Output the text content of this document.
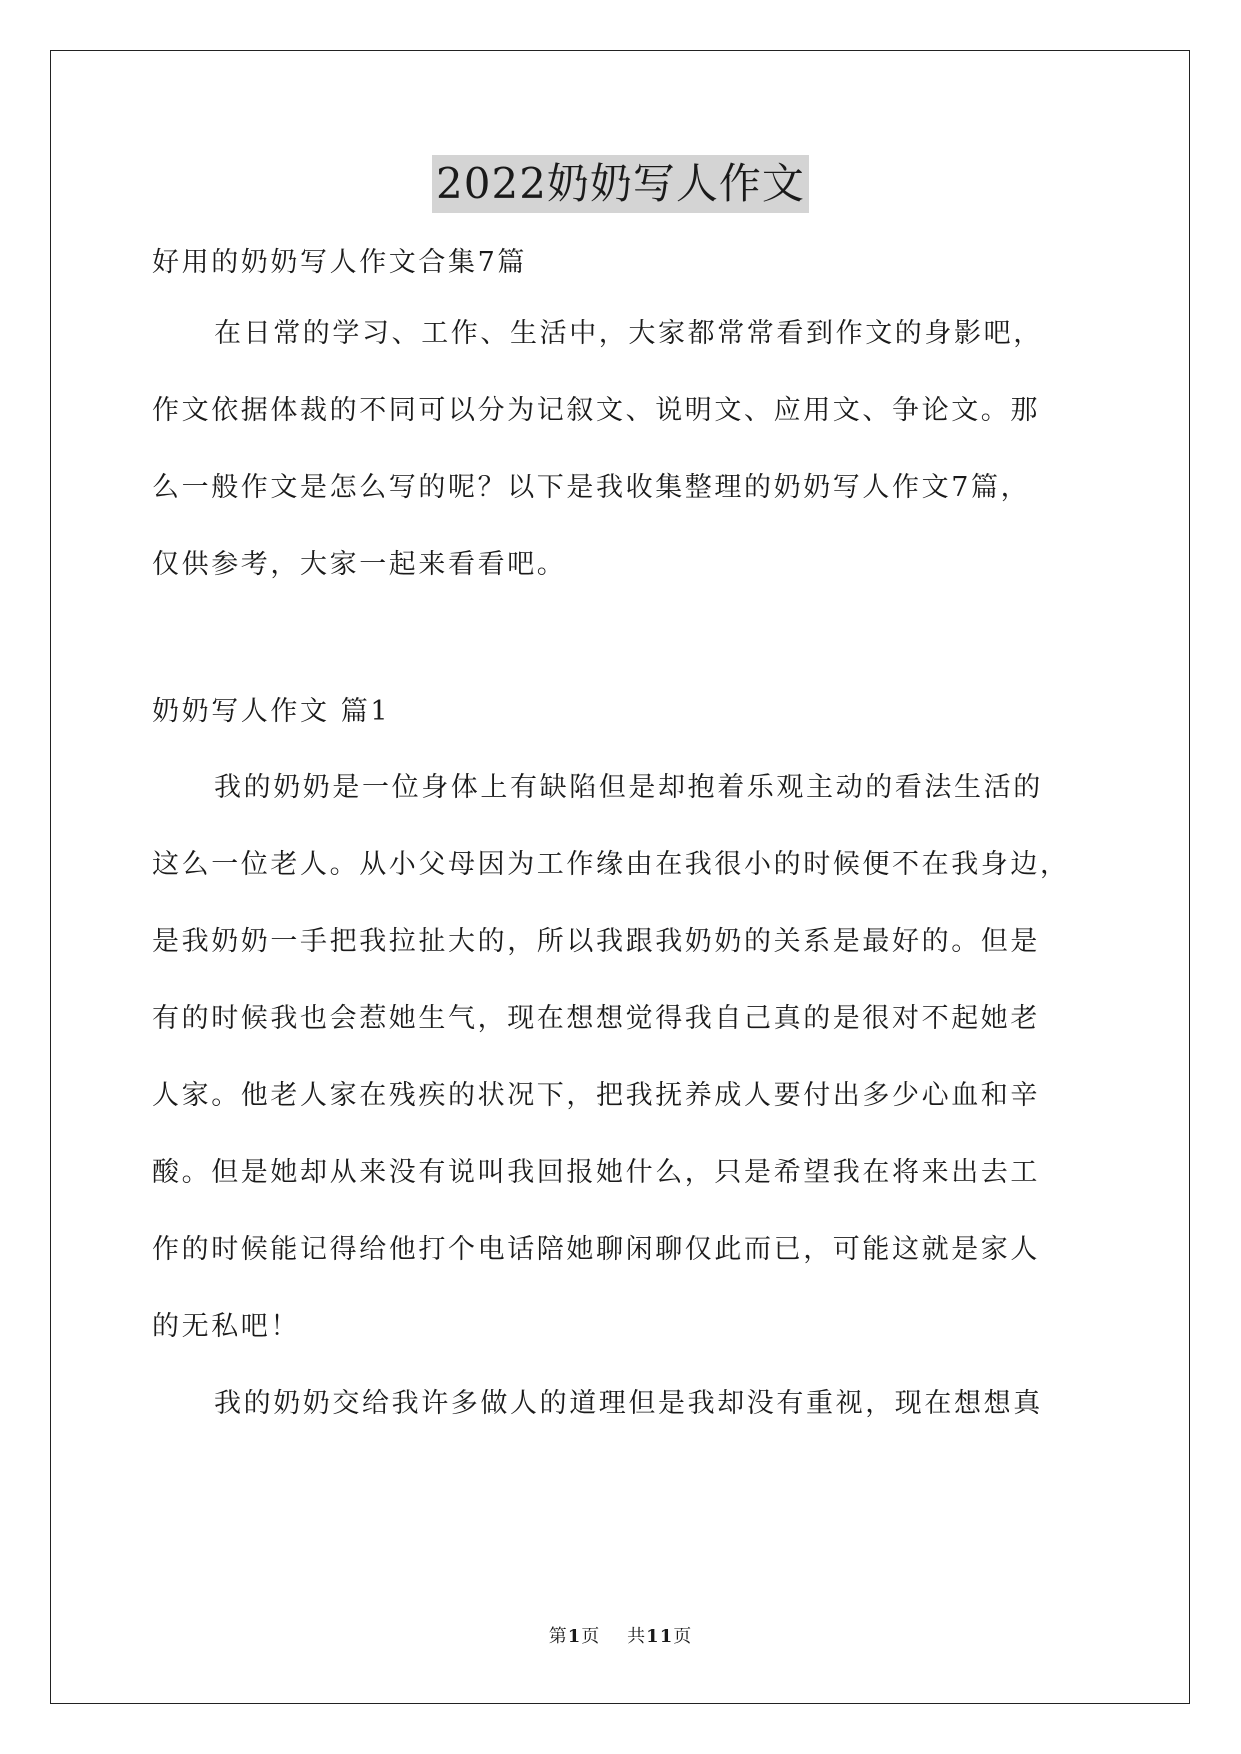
2022奶奶写人作文

好用的奶奶写人作文合集7篇

在日常的学习、工作、生活中，大家都常常看到作文的身影吧，

作文依据体裁的不同可以分为记叙文、说明文、应用文、争论文。那

么一般作文是怎么写的呢？以下是我收集整理的奶奶写人作文7篇，

仅供参考，大家一起来看看吧。

奶奶写人作文 篇1

我的奶奶是一位身体上有缺陷但是却抱着乐观主动的看法生活的

这么一位老人。从小父母因为工作缘由在我很小的时候便不在我身边，

是我奶奶一手把我拉扯大的，所以我跟我奶奶的关系是最好的。但是

有的时候我也会惹她生气，现在想想觉得我自己真的是很对不起她老

人家。他老人家在残疾的状况下，把我抚养成人要付出多少心血和辛

酸。但是她却从来没有说叫我回报她什么，只是希望我在将来出去工

作的时候能记得给他打个电话陪她聊闲聊仅此而已，可能这就是家人

的无私吧！

我的奶奶交给我许多做人的道理但是我却没有重视，现在想想真

第1页    共11页
